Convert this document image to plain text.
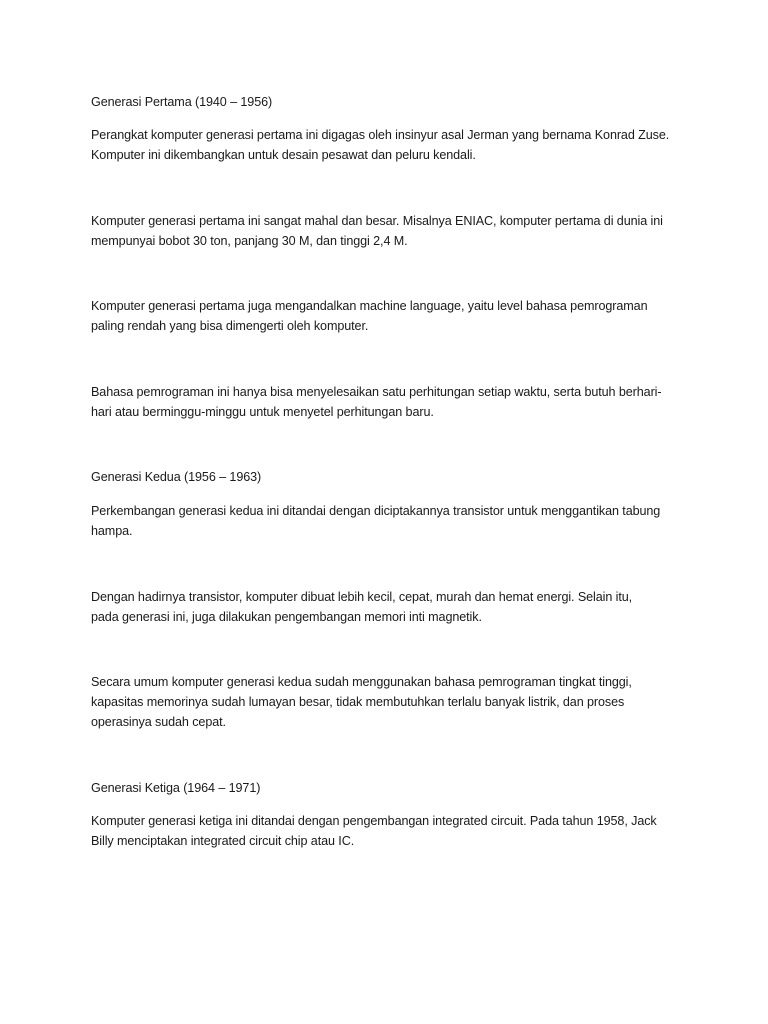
Generasi Pertama (1940 – 1956)
Perangkat komputer generasi pertama ini digagas oleh insinyur asal Jerman yang bernama Konrad Zuse.
Komputer ini dikembangkan untuk desain pesawat dan peluru kendali.
Komputer generasi pertama ini sangat mahal dan besar. Misalnya ENIAC, komputer pertama di dunia ini
mempunyai bobot 30 ton, panjang 30 M, dan tinggi 2,4 M.
Komputer generasi pertama juga mengandalkan machine language, yaitu level bahasa pemrograman
paling rendah yang bisa dimengerti oleh komputer.
Bahasa pemrograman ini hanya bisa menyelesaikan satu perhitungan setiap waktu, serta butuh berhari-
hari atau berminggu-minggu untuk menyetel perhitungan baru.
Generasi Kedua (1956 – 1963)
Perkembangan generasi kedua ini ditandai dengan diciptakannya transistor untuk menggantikan tabung
hampa.
Dengan hadirnya transistor, komputer dibuat lebih kecil, cepat, murah dan hemat energi. Selain itu,
pada generasi ini, juga dilakukan pengembangan memori inti magnetik.
Secara umum komputer generasi kedua sudah menggunakan bahasa pemrograman tingkat tinggi,
kapasitas memorinya sudah lumayan besar, tidak membutuhkan terlalu banyak listrik, dan proses
operasinya sudah cepat.
Generasi Ketiga (1964 – 1971)
Komputer generasi ketiga ini ditandai dengan pengembangan integrated circuit. Pada tahun 1958, Jack
Billy menciptakan integrated circuit chip atau IC.
